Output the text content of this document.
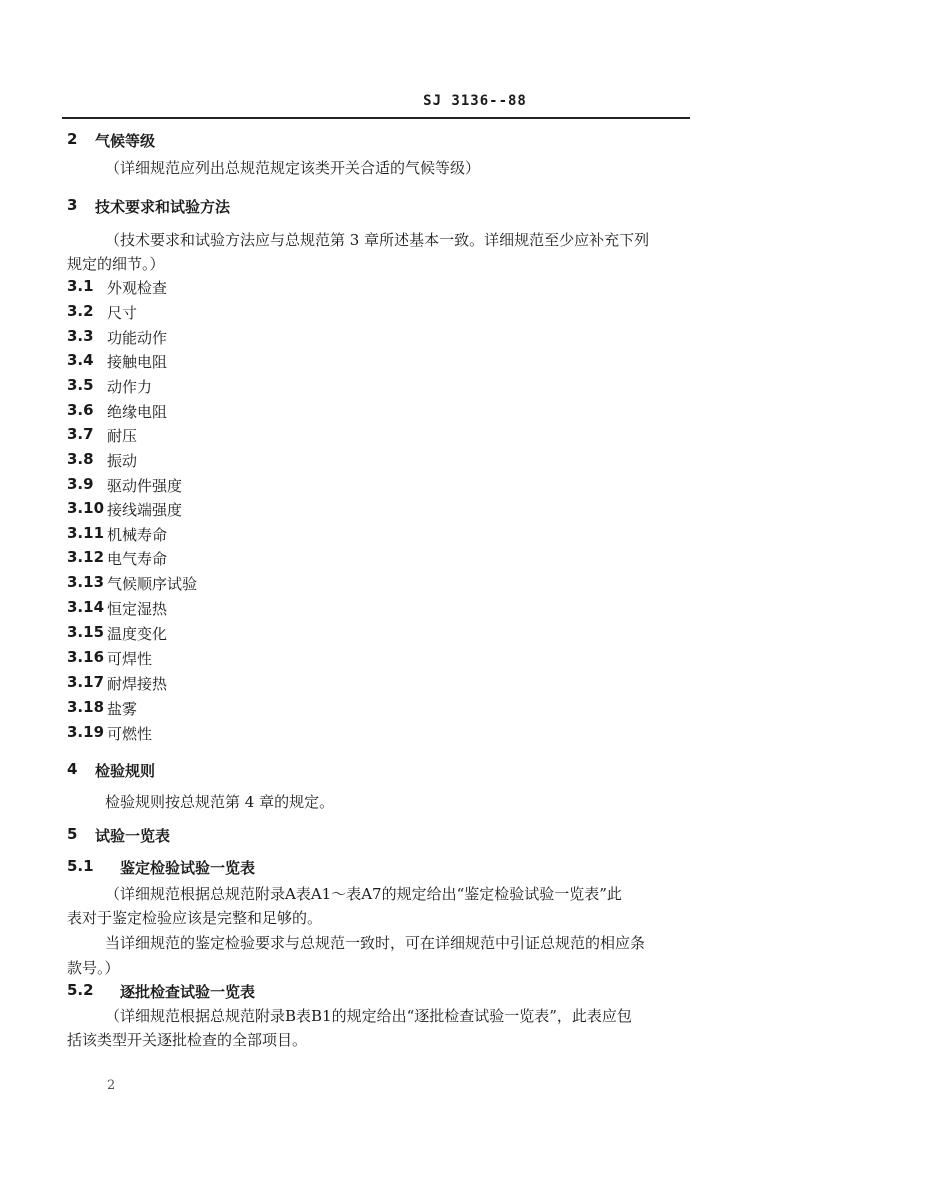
SJ 3136--88
2 气候等级
（详细规范应列出总规范规定该类开关合适的气候等级）
3 技术要求和试验方法
（技术要求和试验方法应与总规范第 3 章所述基本一致。详细规范至少应补充下列
规定的细节。）
3.1 外观检查
3.2 尺寸
3.3 功能动作
3.4 接触电阻
3.5 动作力
3.6 绝缘电阻
3.7 耐压
3.8 振动
3.9 驱动件强度
3.10 接线端强度
3.11 机械寿命
3.12 电气寿命
3.13 气候顺序试验
3.14 恒定湿热
3.15 温度变化
3.16 可焊性
3.17 耐焊接热
3.18 盐雾
3.19 可燃性
4 检验规则
检验规则按总规范第 4 章的规定。
5 试验一览表
5.1 鉴定检验试验一览表
（详细规范根据总规范附录A表A1～表A7的规定给出“鉴定检验试验一览表”此
表对于鉴定检验应该是完整和足够的。
当详细规范的鉴定检验要求与总规范一致时，可在详细规范中引证总规范的相应条
款号。）
5.2 逐批检查试验一览表
（详细规范根据总规范附录B表B1的规定给出“逐批检查试验一览表”，此表应包
括该类型开关逐批检查的全部项目。
2
